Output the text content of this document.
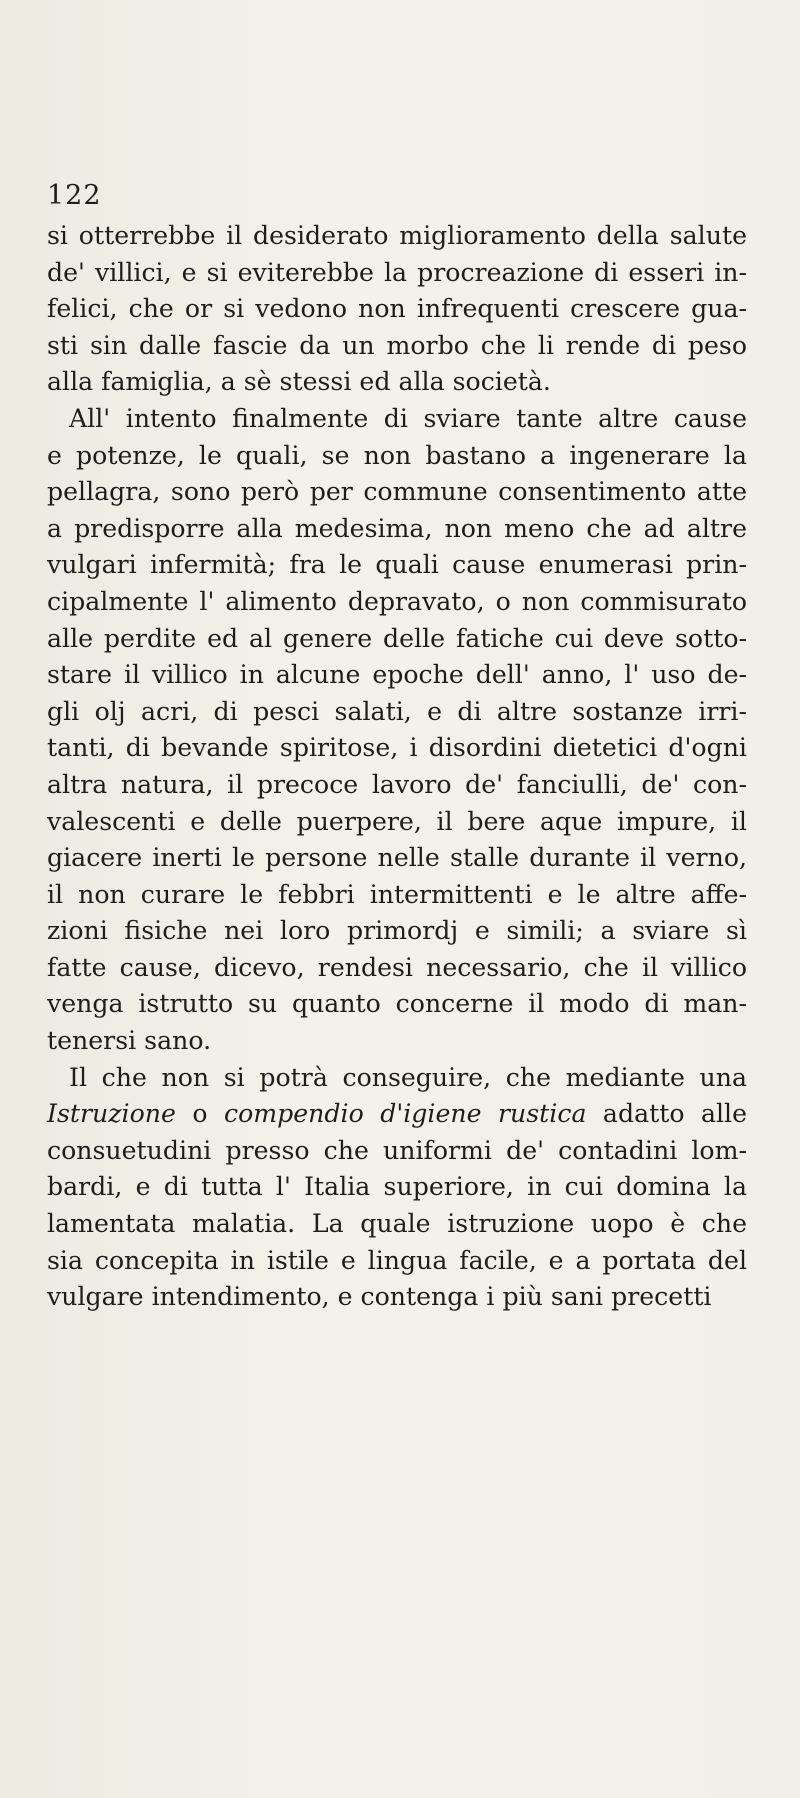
122
si otterrebbe il desiderato miglioramento della salute
de' villici, e si eviterebbe la procreazione di esseri in-
felici, che or si vedono non infrequenti crescere gua-
sti sin dalle fascie da un morbo che li rende di peso
alla famiglia, a sè stessi ed alla società.
All' intento finalmente di sviare tante altre cause
e potenze, le quali, se non bastano a ingenerare la
pellagra, sono però per commune consentimento atte
a predisporre alla medesima, non meno che ad altre
vulgari infermità; fra le quali cause enumerasi prin-
cipalmente l' alimento depravato, o non commisurato
alle perdite ed al genere delle fatiche cui deve sotto-
stare il villico in alcune epoche dell' anno, l' uso de-
gli olj acri, di pesci salati, e di altre sostanze irri-
tanti, di bevande spiritose, i disordini dietetici d'ogni
altra natura, il precoce lavoro de' fanciulli, de' con-
valescenti e delle puerpere, il bere aque impure, il
giacere inerti le persone nelle stalle durante il verno,
il non curare le febbri intermittenti e le altre affe-
zioni fisiche nei loro primordj e simili; a sviare sì
fatte cause, dicevo, rendesi necessario, che il villico
venga istrutto su quanto concerne il modo di man-
tenersi sano.
Il che non si potrà conseguire, che mediante una
Istruzione o compendio d'igiene rustica adatto alle
consuetudini presso che uniformi de' contadini lom-
bardi, e di tutta l' Italia superiore, in cui domina la
lamentata malatia. La quale istruzione uopo è che
sia concepita in istile e lingua facile, e a portata del
vulgare intendimento, e contenga i più sani precetti
